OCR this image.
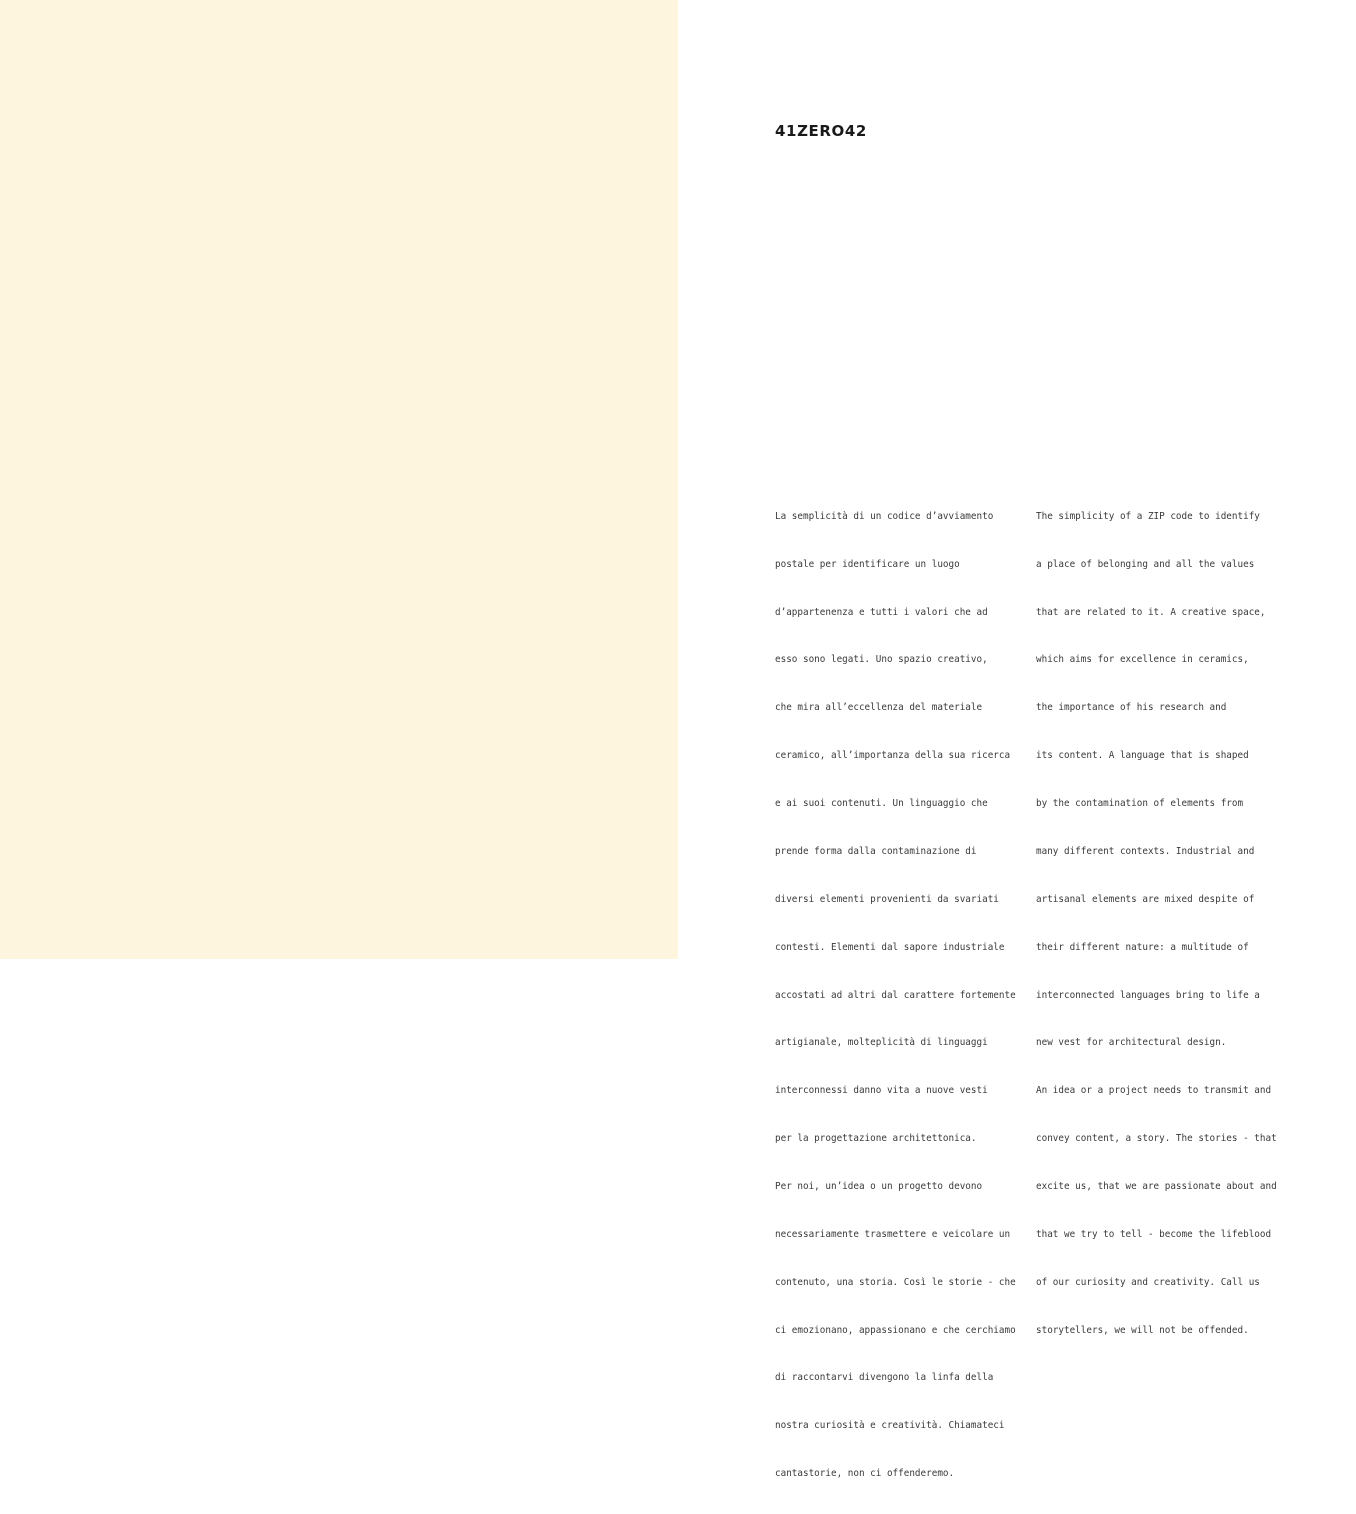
41ZERO42

La semplicità di un codice d’avviamento

postale per identificare un luogo

d’appartenenza e tutti i valori che ad

esso sono legati. Uno spazio creativo,

che mira all’eccellenza del materiale

ceramico, all’importanza della sua ricerca

e ai suoi contenuti. Un linguaggio che

prende forma dalla contaminazione di

diversi elementi provenienti da svariati

contesti. Elementi dal sapore industriale

accostati ad altri dal carattere fortemente

artigianale, molteplicità di linguaggi

interconnessi danno vita a nuove vesti

per la progettazione architettonica.

Per noi, un’idea o un progetto devono

necessariamente trasmettere e veicolare un

contenuto, una storia. Così le storie - che

ci emozionano, appassionano e che cerchiamo

di raccontarvi divengono la linfa della

nostra curiosità e creatività. Chiamateci

cantastorie, non ci offenderemo.

The simplicity of a ZIP code to identify

a place of belonging and all the values

that are related to it. A creative space,

which aims for excellence in ceramics,

the importance of his research and

its content. A language that is shaped

by the contamination of elements from

many different contexts. Industrial and

artisanal elements are mixed despite of

their different nature: a multitude of

interconnected languages bring to life a

new vest for architectural design.

An idea or a project needs to transmit and

convey content, a story. The stories - that

excite us, that we are passionate about and

that we try to tell - become the lifeblood

of our curiosity and creativity. Call us

storytellers, we will not be offended.
